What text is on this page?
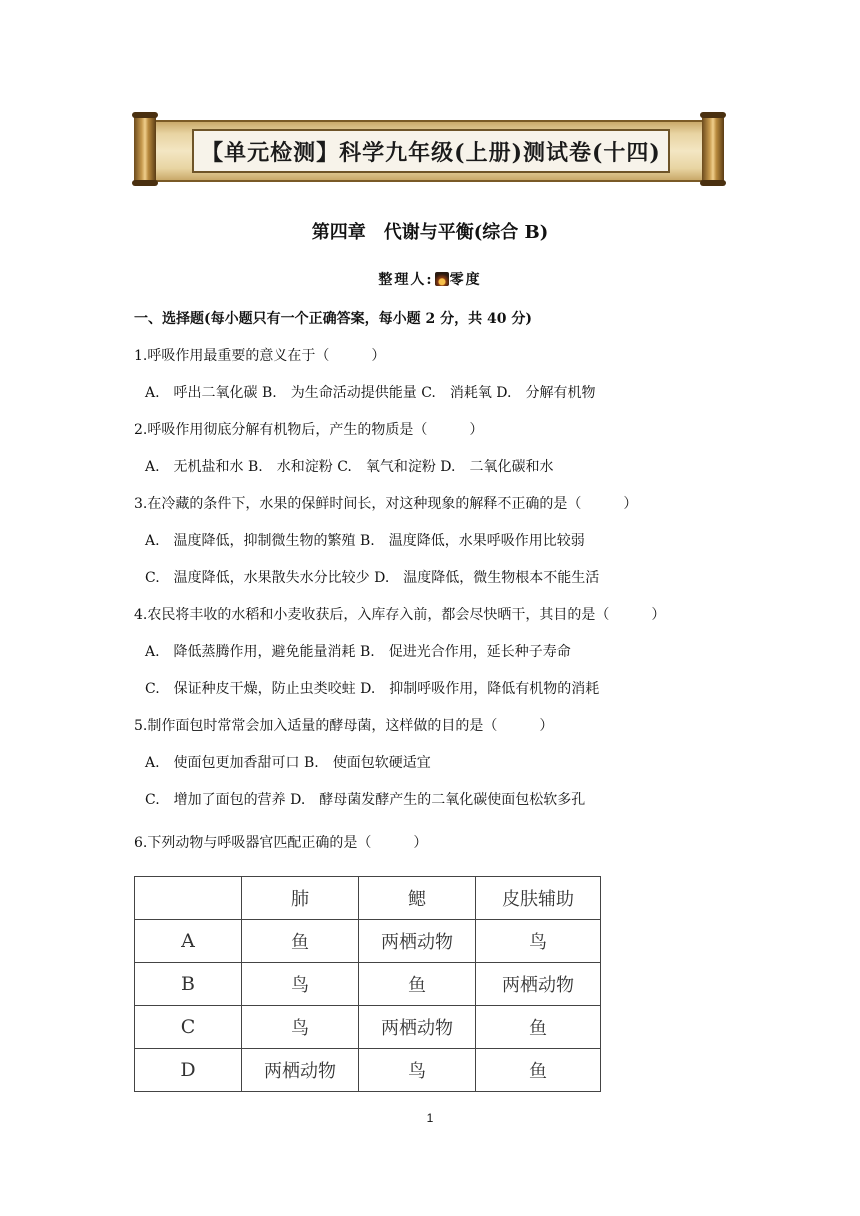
【单元检测】科学九年级(上册)测试卷(十四)
第四章　代谢与平衡(综合 B)
整理人: 零度
一、选择题(每小题只有一个正确答案，每小题 2 分，共 40 分)
1.呼吸作用最重要的意义在于（　　　）
A.　呼出二氧化碳 B.　为生命活动提供能量 C.　消耗氧 D.　分解有机物
2.呼吸作用彻底分解有机物后，产生的物质是（　　　）
A.　无机盐和水 B.　水和淀粉 C.　氧气和淀粉 D.　二氧化碳和水
3.在冷藏的条件下，水果的保鲜时间长，对这种现象的解释不正确的是（　　　）
A.　温度降低，抑制微生物的繁殖 B.　温度降低，水果呼吸作用比较弱
C.　温度降低，水果散失水分比较少 D.　温度降低，微生物根本不能生活
4.农民将丰收的水稻和小麦收获后，入库存入前，都会尽快晒干，其目的是（　　　）
A.　降低蒸腾作用，避免能量消耗 B.　促进光合作用，延长种子寿命
C.　保证种皮干燥，防止虫类咬蛀 D.　抑制呼吸作用，降低有机物的消耗
5.制作面包时常常会加入适量的酵母菌，这样做的目的是（　　　）
A.　使面包更加香甜可口 B.　使面包软硬适宜
C.　增加了面包的营养 D.　酵母菌发酵产生的二氧化碳使面包松软多孔
6.下列动物与呼吸器官匹配正确的是（　　　）
	肺	鳃	皮肤辅助
A	鱼	两栖动物	鸟
B	鸟	鱼	两栖动物
C	鸟	两栖动物	鱼
D	两栖动物	鸟	鱼
1
